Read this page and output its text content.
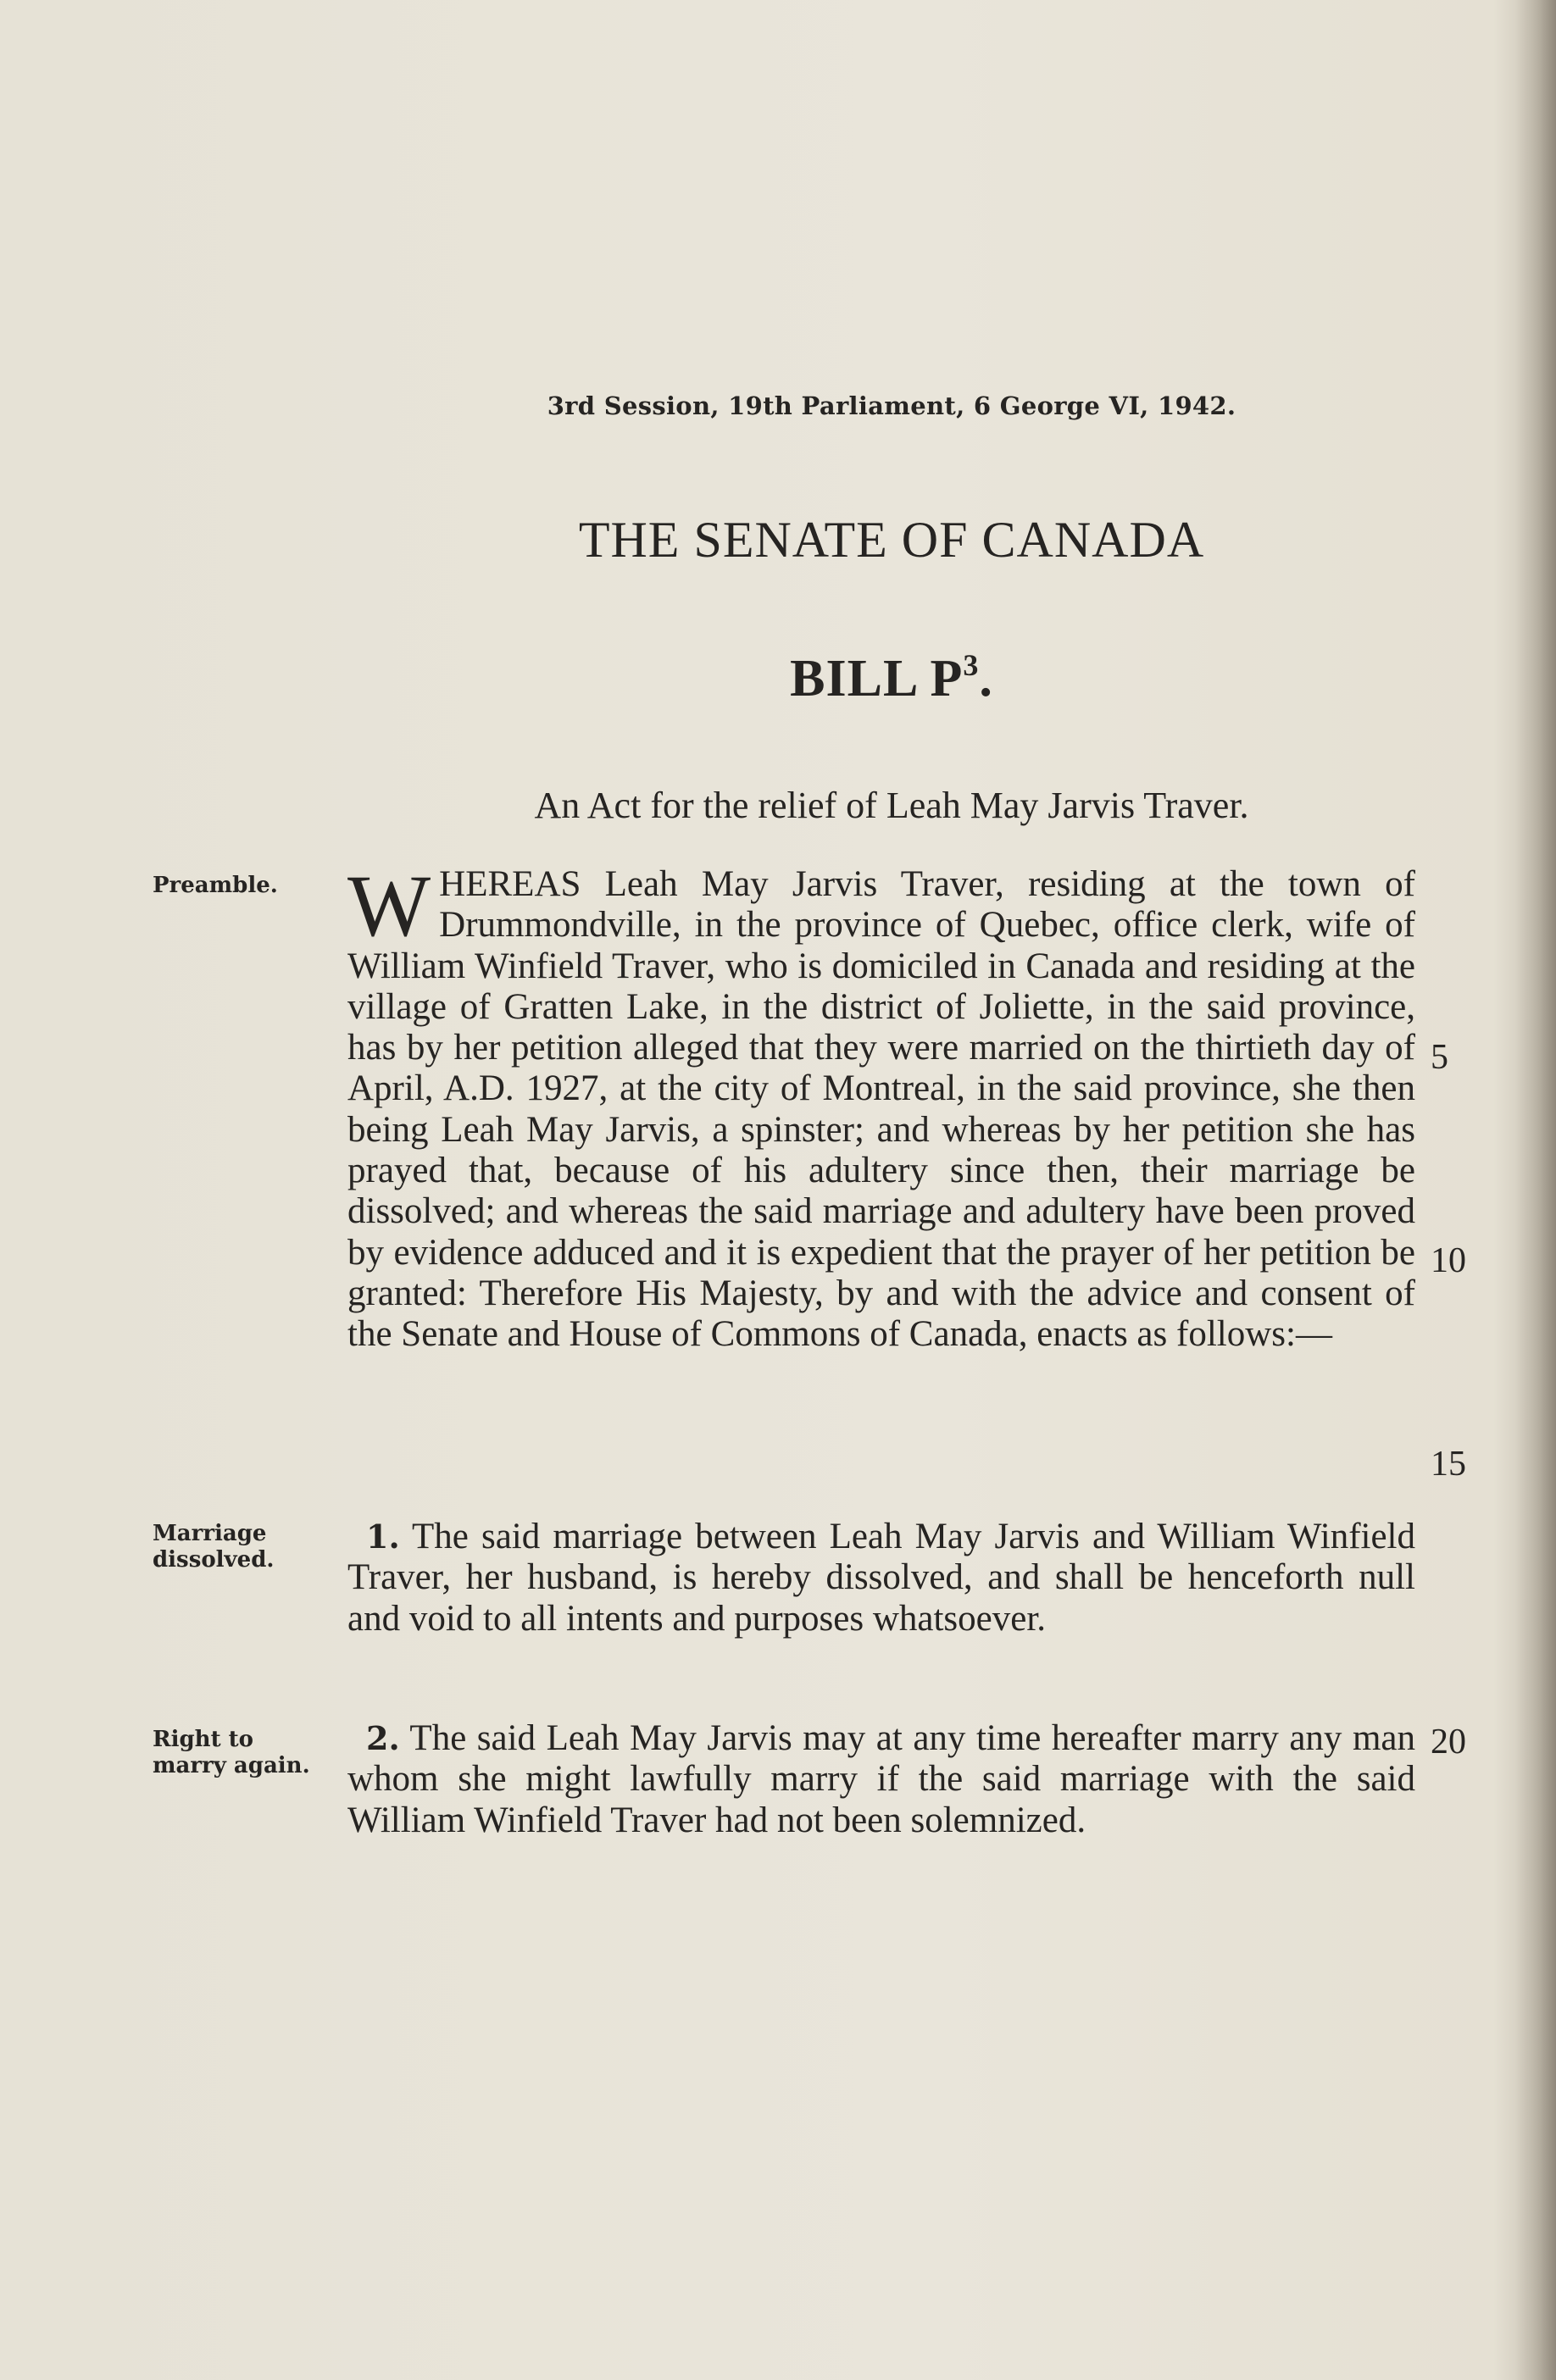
3rd Session, 19th Parliament, 6 George VI, 1942.
THE SENATE OF CANADA
BILL $P^3$.
An Act for the relief of Leah May Jarvis Traver.
Preamble. WHEREAS Leah May Jarvis Traver, residing at the town of Drummondville, in the province of Quebec, office clerk, wife of William Winfield Traver, who is domiciled in Canada and residing at the village of Gratten Lake, in the district of Joliette, in the said province, has by her petition alleged that they were married on the thirtieth day of April, A.D. 1927, at the city of Montreal, in the said province, she then being Leah May Jarvis, a spinster; and whereas by her petition she has prayed that, because of his adultery since then, their marriage be dissolved; and whereas the said marriage and adultery have been proved by evidence adduced and it is expedient that the prayer of her petition be granted: Therefore His Majesty, by and with the advice and consent of the Senate and House of Commons of Canada, enacts as follows:—
5
10
15
20
Marriage
dissolved.
1. The said marriage between Leah May Jarvis and William Winfield Traver, her husband, is hereby dissolved, and shall be henceforth null and void to all intents and purposes whatsoever.
Right to
marry again.
2. The said Leah May Jarvis may at any time hereafter marry any man whom she might lawfully marry if the said marriage with the said William Winfield Traver had not been solemnized.
